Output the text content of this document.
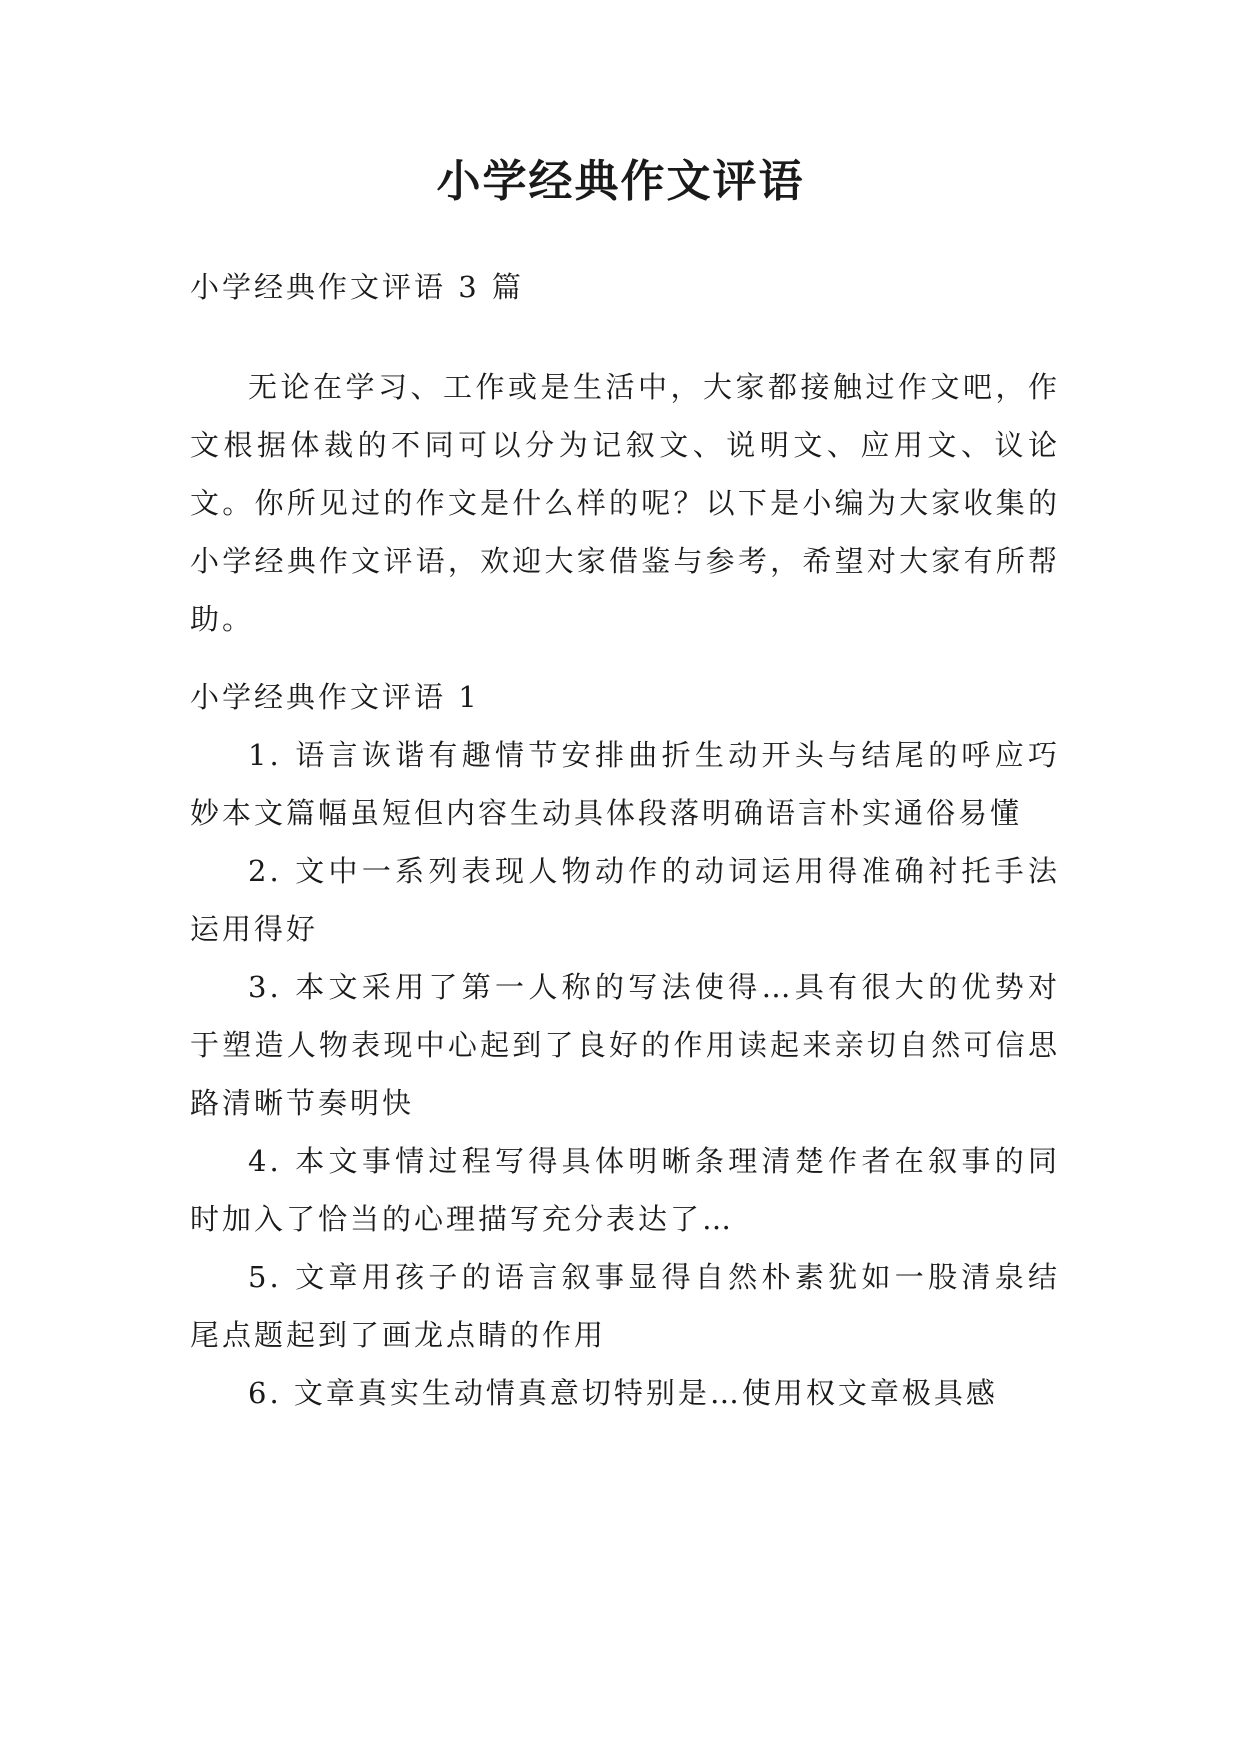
小学经典作文评语

小学经典作文评语 3 篇

无论在学习、工作或是生活中，大家都接触过作文吧，作文根据体裁的不同可以分为记叙文、说明文、应用文、议论文。你所见过的作文是什么样的呢？以下是小编为大家收集的小学经典作文评语，欢迎大家借鉴与参考，希望对大家有所帮助。

小学经典作文评语 1

1. 语言诙谐有趣情节安排曲折生动开头与结尾的呼应巧妙本文篇幅虽短但内容生动具体段落明确语言朴实通俗易懂

2. 文中一系列表现人物动作的动词运用得准确衬托手法运用得好

3. 本文采用了第一人称的写法使得…具有很大的优势对于塑造人物表现中心起到了良好的作用读起来亲切自然可信思路清晰节奏明快

4. 本文事情过程写得具体明晰条理清楚作者在叙事的同时加入了恰当的心理描写充分表达了…

5. 文章用孩子的语言叙事显得自然朴素犹如一股清泉结尾点题起到了画龙点睛的作用

6. 文章真实生动情真意切特别是…使用权文章极具感
